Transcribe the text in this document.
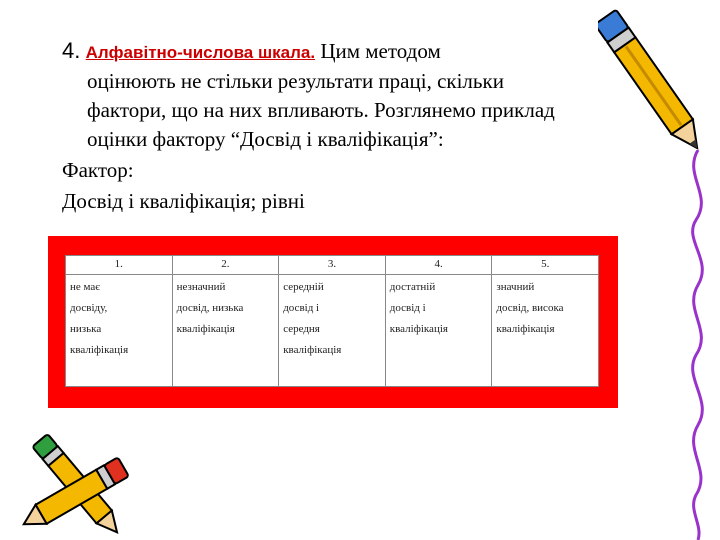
4. Алфавітно-числова шкала. Цим методом

оцінюють не стільки результати праці, скільки

фактори, що на них впливають. Розглянемо приклад

оцінки фактору “Досвід і кваліфікація”:

Фактор:

Досвід і кваліфікація; рівні

1.	2.	3.	4.	5.

не має
досвіду,
низька
кваліфікація	незначний
досвід, низька
кваліфікація	середній
досвід і
середня
кваліфікація	достатній
досвід і
кваліфікація	значний
досвід, висока
кваліфікація
